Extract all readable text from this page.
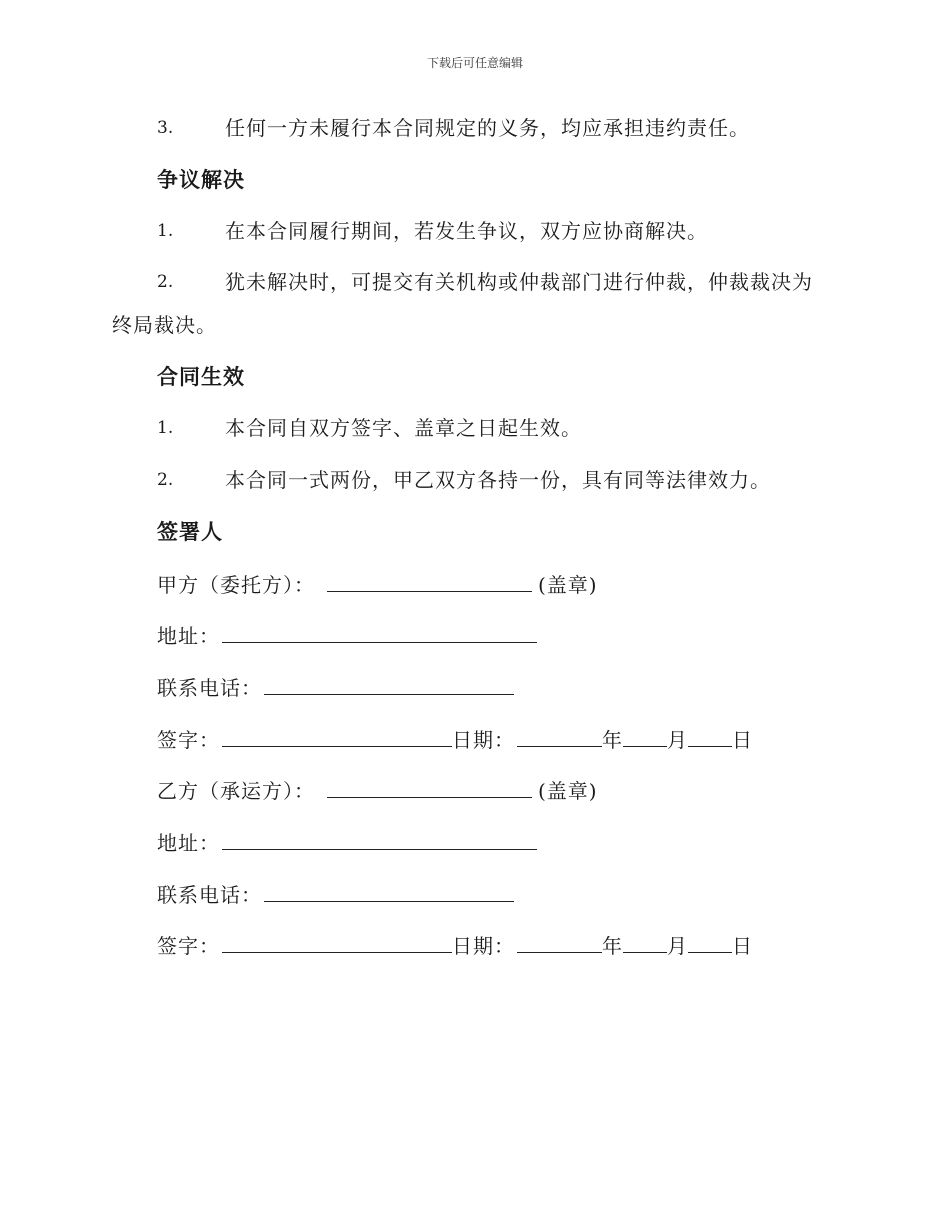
下载后可任意编辑
3.	任何一方未履行本合同规定的义务，均应承担违约责任。
争议解决
1.	在本合同履行期间，若发生争议，双方应协商解决。
2.	犹未解决时，可提交有关机构或仲裁部门进行仲裁，仲裁裁决为
终局裁决。
合同生效
1.	本合同自双方签字、盖章之日起生效。
2.	本合同一式两份，甲乙双方各持一份，具有同等法律效力。
签署人
甲方（委托方）：	(盖章)
地址：
联系电话：
签字：	日期：	年 月 日
乙方（承运方）：	(盖章)
地址：
联系电话：
签字：	日期：	年 月 日
